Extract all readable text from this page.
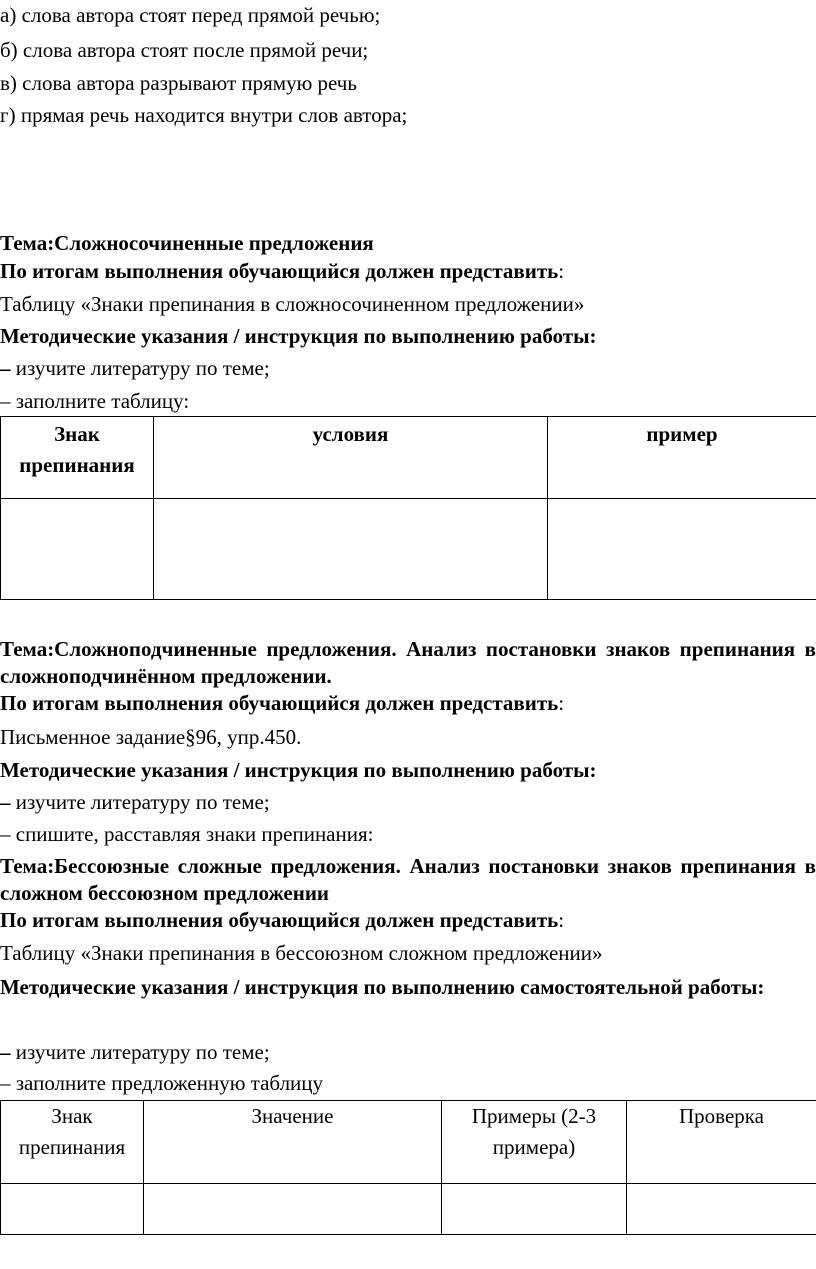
а) слова автора стоят перед прямой речью;
б) слова автора стоят после прямой речи;
в) слова автора разрывают прямую речь
г) прямая речь находится внутри слов автора;
Тема:Сложносочиненные предложения
По итогам выполнения обучающийся должен представить:
Таблицу «Знаки препинания в сложносочиненном предложении»
Методические указания / инструкция по выполнению работы:
– изучите литературу по теме;
– заполните таблицу:
Знак препинания	условия	пример

Тема:Сложноподчиненные предложения. Анализ постановки знаков препинания в сложноподчинённом предложении.
По итогам выполнения обучающийся должен представить:
Письменное задание§96, упр.450.
Методические указания / инструкция по выполнению работы:
– изучите литературу по теме;
– спишите, расставляя знаки препинания:
Тема:Бессоюзные сложные предложения. Анализ постановки знаков препинания в сложном бессоюзном предложении
По итогам выполнения обучающийся должен представить:
Таблицу «Знаки препинания в бессоюзном сложном предложении»
Методические указания / инструкция по выполнению самостоятельной работы:
– изучите литературу по теме;
– заполните предложенную таблицу
Знак препинания	Значение	Примеры (2-3 примера)	Проверка
